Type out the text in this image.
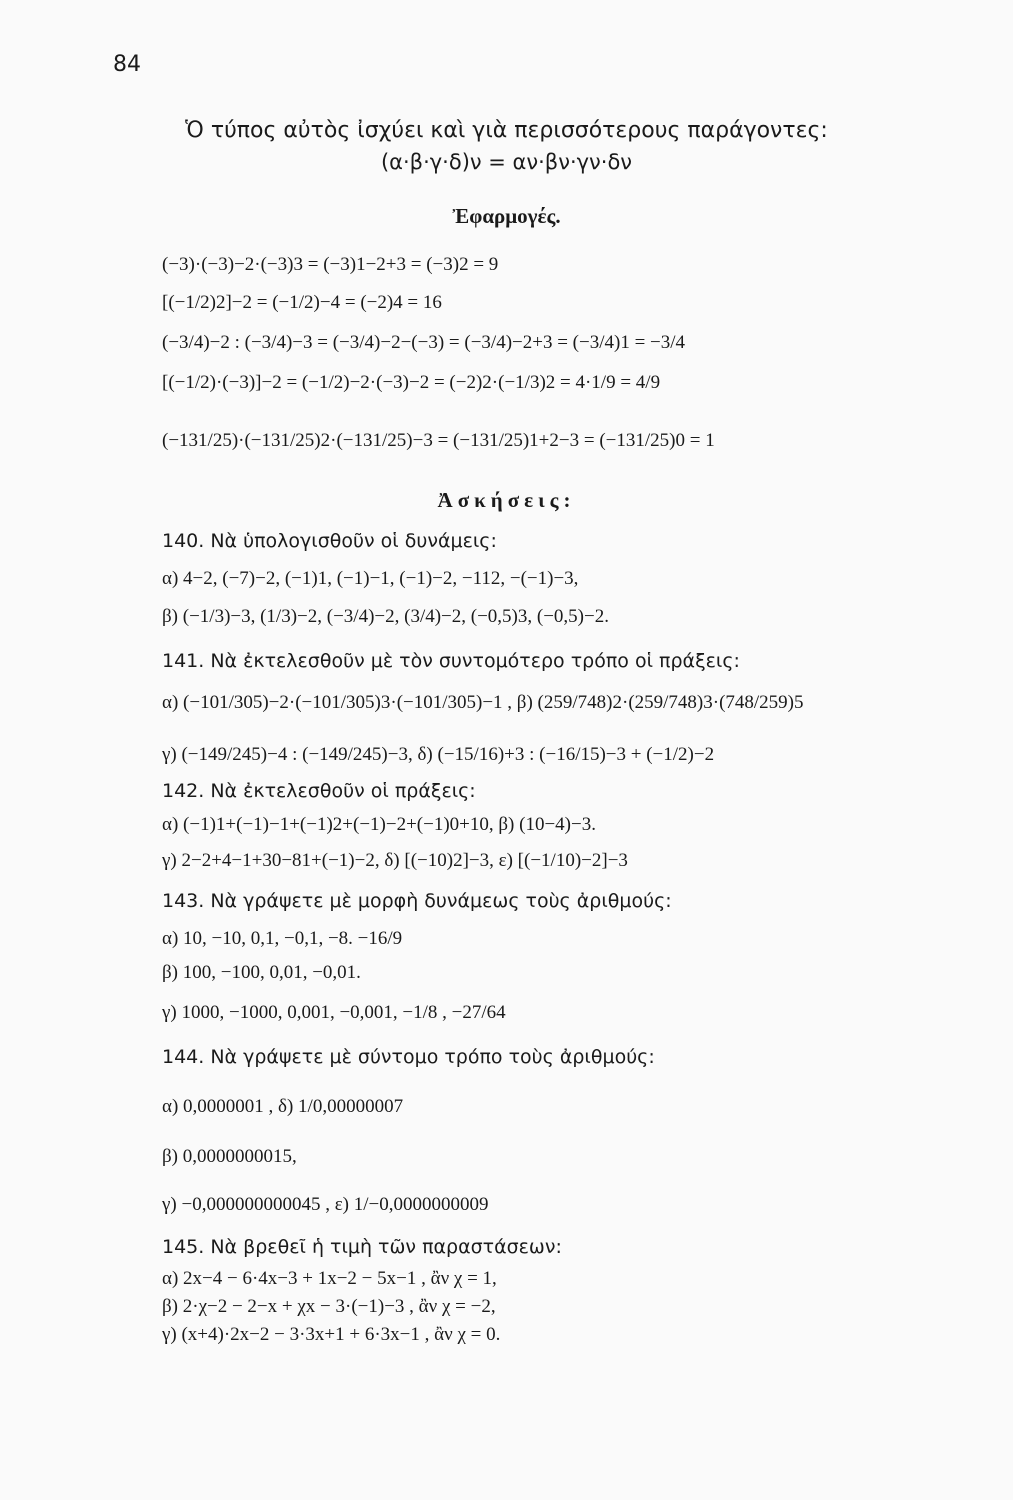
84
Ὁ τύπος αὐτὸς ἰσχύει καὶ γιὰ περισσότερους παράγοντες:
(α·β·γ·δ)ν = αν·βν·γν·δν
Ἐφαρμογές.
(−3)·(−3)−2·(−3)3 = (−3)1−2+3 = (−3)2 = 9
[(−1/2)2]−2 = (−1/2)−4 = (−2)4 = 16
(−3/4)−2 : (−3/4)−3 = (−3/4)−2−(−3) = (−3/4)−2+3 = (−3/4)1 = −3/4
[(−1/2)·(−3)]−2 = (−1/2)−2·(−3)−2 = (−2)2·(−1/3)2 = 4·1/9 = 4/9
(−131/25)·(−131/25)2·(−131/25)−3 = (−131/25)1+2−3 = (−131/25)0 = 1
Ἀσκήσεις:
140. Νὰ ὑπολογισθοῦν οἱ δυνάμεις:
α) 4−2, (−7)−2, (−1)1, (−1)−1, (−1)−2, −112, −(−1)−3,
β) (−1/3)−3, (1/3)−2, (−3/4)−2, (3/4)−2, (−0,5)3, (−0,5)−2.
141. Νὰ ἐκτελεσθοῦν μὲ τὸν συντομότερο τρόπο οἱ πράξεις:
α) (−101/305)−2·(−101/305)3·(−101/305)−1 , β) (259/748)2·(259/748)3·(748/259)5
γ) (−149/245)−4 : (−149/245)−3, δ) (−15/16)+3 : (−16/15)−3 + (−1/2)−2
142. Νὰ ἐκτελεσθοῦν οἱ πράξεις:
α) (−1)1+(−1)−1+(−1)2+(−1)−2+(−1)0+10, β) (10−4)−3.
γ) 2−2+4−1+30−81+(−1)−2, δ) [(−10)2]−3, ε) [(−1/10)−2]−3
143. Νὰ γράψετε μὲ μορφὴ δυνάμεως τοὺς ἀριθμούς:
α) 10, −10, 0,1, −0,1, −8. −16/9
β) 100, −100, 0,01, −0,01.
γ) 1000, −1000, 0,001, −0,001, −1/8 , −27/64
144. Νὰ γράψετε μὲ σύντομο τρόπο τοὺς ἀριθμούς:
α) 0,0000001 , δ) 1/0,00000007
β) 0,0000000015,
γ) −0,000000000045 , ε) 1/−0,0000000009
145. Νὰ βρεθεῖ ἡ τιμὴ τῶν παραστάσεων:
α) 2x−4 − 6·4x−3 + 1x−2 − 5x−1 , ἂν χ = 1,
β) 2·χ−2 − 2−x + χx − 3·(−1)−3 , ἂν χ = −2,
γ) (x+4)·2x−2 − 3·3x+1 + 6·3x−1 , ἂν χ = 0.
